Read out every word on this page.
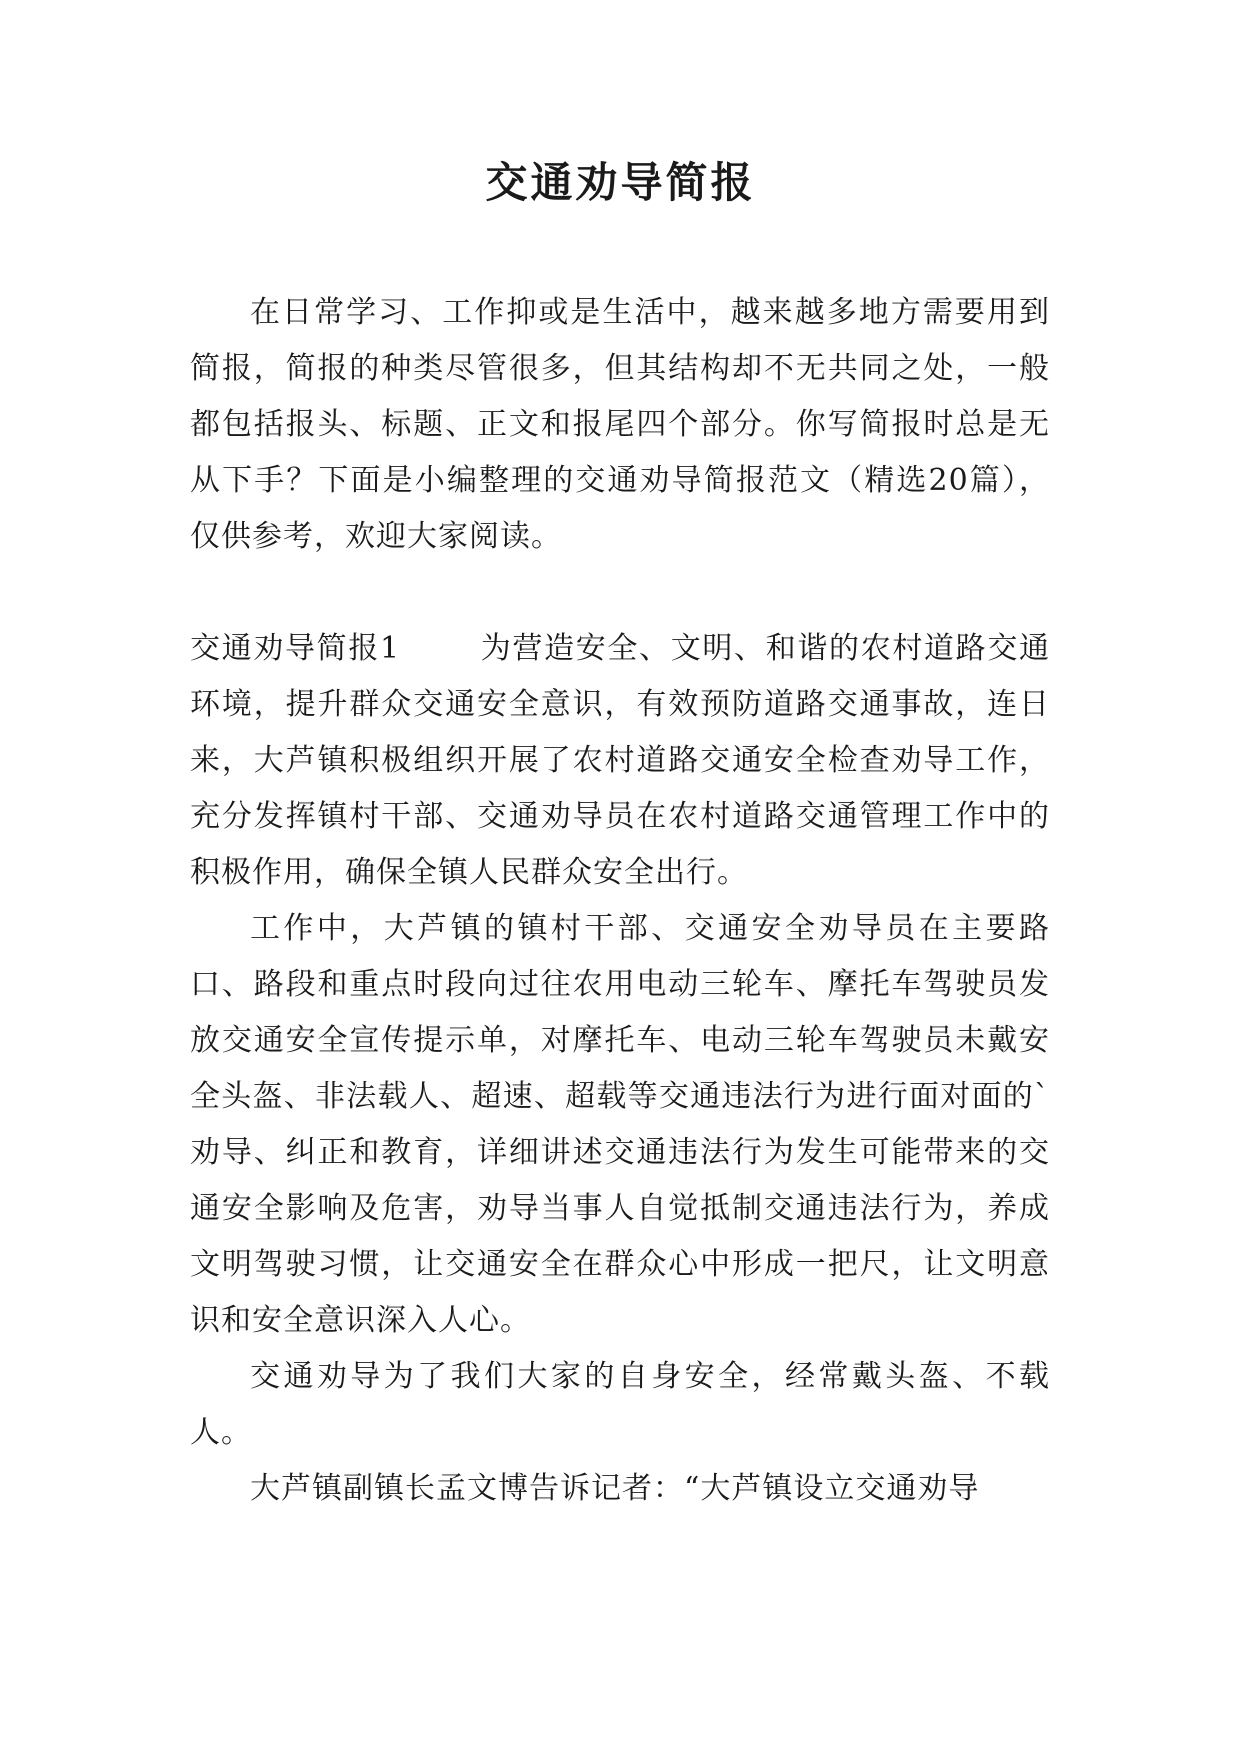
交通劝导简报

在日常学习、工作抑或是生活中，越来越多地方需要用到简报，简报的种类尽管很多，但其结构却不无共同之处，一般都包括报头、标题、正文和报尾四个部分。你写简报时总是无从下手？下面是小编整理的交通劝导简报范文（精选20篇），仅供参考，欢迎大家阅读。

交通劝导简报1	为营造安全、文明、和谐的农村道路交通环境，提升群众交通安全意识，有效预防道路交通事故，连日来，大芦镇积极组织开展了农村道路交通安全检查劝导工作，充分发挥镇村干部、交通劝导员在农村道路交通管理工作中的积极作用，确保全镇人民群众安全出行。

工作中，大芦镇的镇村干部、交通安全劝导员在主要路口、路段和重点时段向过往农用电动三轮车、摩托车驾驶员发放交通安全宣传提示单，对摩托车、电动三轮车驾驶员未戴安全头盔、非法载人、超速、超载等交通违法行为进行面对面的`劝导、纠正和教育，详细讲述交通违法行为发生可能带来的交通安全影响及危害，劝导当事人自觉抵制交通违法行为，养成文明驾驶习惯，让交通安全在群众心中形成一把尺，让文明意识和安全意识深入人心。

交通劝导为了我们大家的自身安全，经常戴头盔、不载人。

大芦镇副镇长孟文博告诉记者：“大芦镇设立交通劝导
